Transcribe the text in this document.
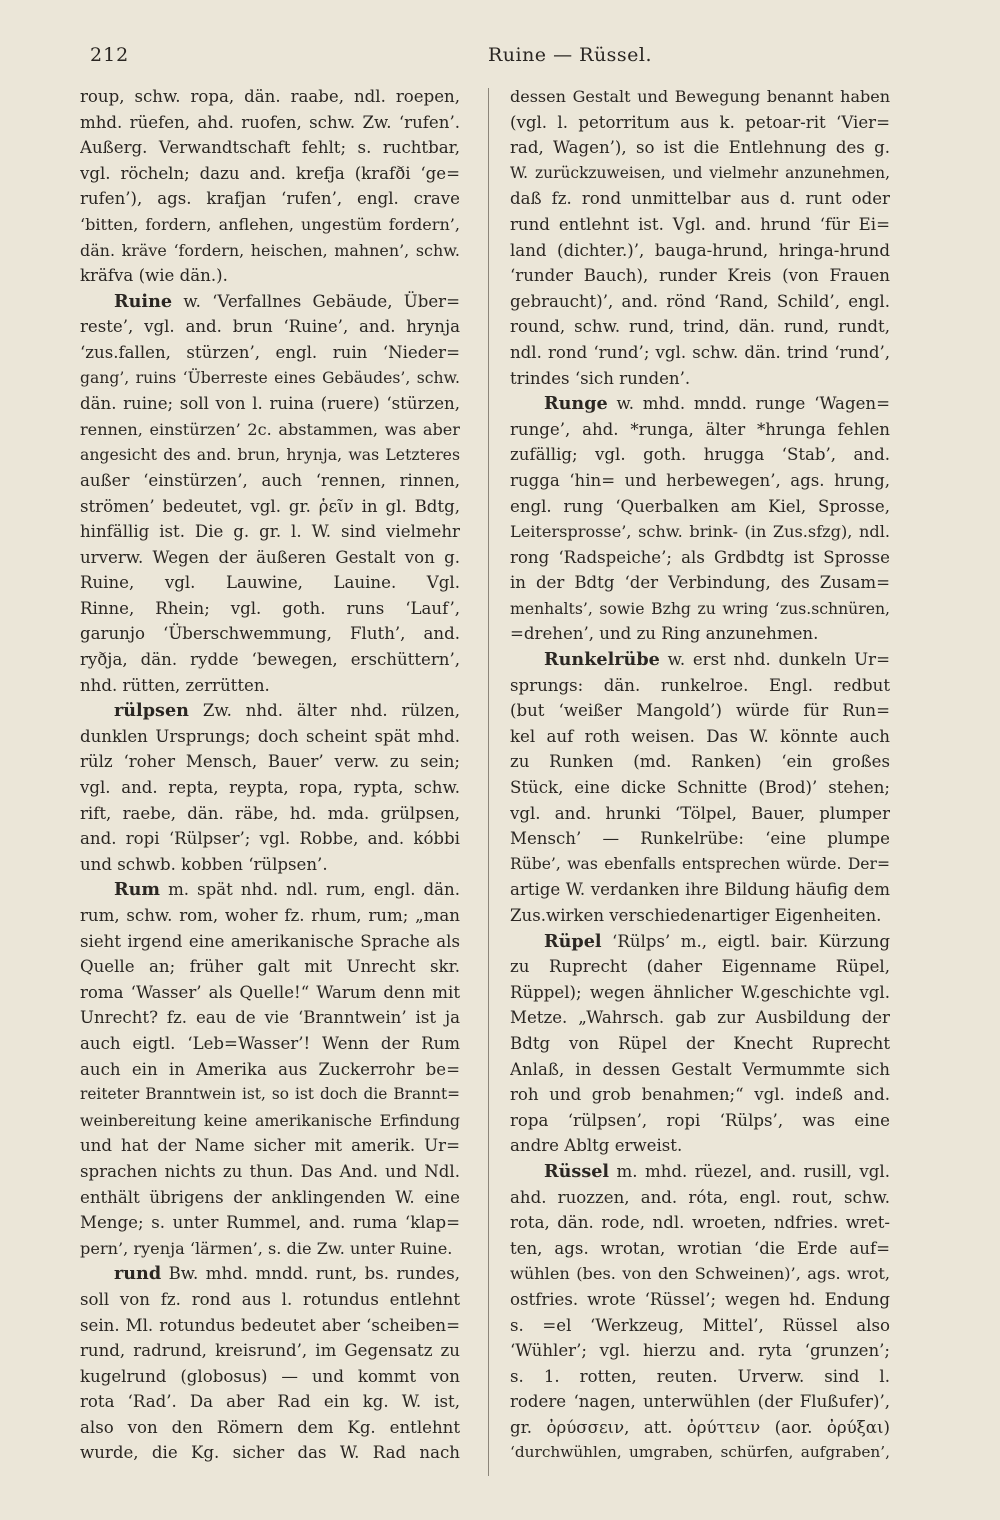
212	Ruine — Rüssel.
roup, schw. ropa, dän. raabe, ndl. roepen,
mhd. rüefen, ahd. ruofen, schw. Zw. ‘rufen’.
Außerg. Verwandtschaft fehlt; s. ruchtbar,
vgl. röcheln; dazu and. krefja (krafði ‘ge=
rufen’), ags. krafjan ‘rufen’, engl. crave
‘bitten, fordern, anflehen, ungestüm fordern’,
dän. kräve ‘fordern, heischen, mahnen’, schw.
kräfva (wie dän.).
Ruine w. ‘Verfallnes Gebäude, Über=
reste’, vgl. and. brun ‘Ruine’, and. hrynja
‘zus.fallen, stürzen’, engl. ruin ‘Nieder=
gang’, ruins ‘Überreste eines Gebäudes’, schw.
dän. ruine; soll von l. ruina (ruere) ‘stürzen,
rennen, einstürzen’ 2c. abstammen, was aber
angesicht des and. brun, hrynja, was Letzteres
außer ‘einstürzen’, auch ‘rennen, rinnen,
strömen’ bedeutet, vgl. gr. ῥεῖν in gl. Bdtg,
hinfällig ist. Die g. gr. l. W. sind vielmehr
urverw. Wegen der äußeren Gestalt von g.
Ruine, vgl. Lauwine, Lauine. Vgl.
Rinne, Rhein; vgl. goth. runs ‘Lauf’,
garunjo ‘Überschwemmung, Fluth’, and.
ryðja, dän. rydde ‘bewegen, erschüttern’,
nhd. rütten, zerrütten.
rülpsen Zw. nhd. älter nhd. rülzen,
dunklen Ursprungs; doch scheint spät mhd.
rülz ‘roher Mensch, Bauer’ verw. zu sein;
vgl. and. repta, reypta, ropa, rypta, schw.
rift, raebe, dän. räbe, hd. mda. grülpsen,
and. ropi ‘Rülpser’; vgl. Robbe, and. kóbbi
und schwb. kobben ‘rülpsen’.
Rum m. spät nhd. ndl. rum, engl. dän.
rum, schw. rom, woher fz. rhum, rum; „man
sieht irgend eine amerikanische Sprache als
Quelle an; früher galt mit Unrecht skr.
roma ‘Wasser’ als Quelle!“ Warum denn mit
Unrecht? fz. eau de vie ‘Branntwein’ ist ja
auch eigtl. ‘Leb=Wasser’! Wenn der Rum
auch ein in Amerika aus Zuckerrohr be=
reiteter Branntwein ist, so ist doch die Brannt=
weinbereitung keine amerikanische Erfindung
und hat der Name sicher mit amerik. Ur=
sprachen nichts zu thun. Das And. und Ndl.
enthält übrigens der anklingenden W. eine
Menge; s. unter Rummel, and. ruma ‘klap=
pern’, ryenja ‘lärmen’, s. die Zw. unter Ruine.
rund Bw. mhd. mndd. runt, bs. rundes,
soll von fz. rond aus l. rotundus entlehnt
sein. Ml. rotundus bedeutet aber ‘scheiben=
rund, radrund, kreisrund’, im Gegensatz zu
kugelrund (globosus) — und kommt von
rota ‘Rad’. Da aber Rad ein kg. W. ist,
also von den Römern dem Kg. entlehnt
wurde, die Kg. sicher das W. Rad nach
dessen Gestalt und Bewegung benannt haben
(vgl. l. petorritum aus k. petoar-rit ‘Vier=
rad, Wagen’), so ist die Entlehnung des g.
W. zurückzuweisen, und vielmehr anzunehmen,
daß fz. rond unmittelbar aus d. runt oder
rund entlehnt ist. Vgl. and. hrund ‘für Ei=
land (dichter.)’, bauga-hrund, hringa-hrund
‘runder Bauch), runder Kreis (von Frauen
gebraucht)’, and. rönd ‘Rand, Schild’, engl.
round, schw. rund, trind, dän. rund, rundt,
ndl. rond ‘rund’; vgl. schw. dän. trind ‘rund’,
trindes ‘sich runden’.
Runge w. mhd. mndd. runge ‘Wagen=
runge’, ahd. *runga, älter *hrunga fehlen
zufällig; vgl. goth. hrugga ‘Stab’, and.
rugga ‘hin= und herbewegen’, ags. hrung,
engl. rung ‘Querbalken am Kiel, Sprosse,
Leitersprosse’, schw. brink- (in Zus.sfzg), ndl.
rong ‘Radspeiche’; als Grdbdtg ist Sprosse
in der Bdtg ‘der Verbindung, des Zusam=
menhalts’, sowie Bzhg zu wring ‘zus.schnüren,
=drehen’, und zu Ring anzunehmen.
Runkelrübe w. erst nhd. dunkeln Ur=
sprungs: dän. runkelroe. Engl. redbut
(but ‘weißer Mangold’) würde für Run=
kel auf roth weisen. Das W. könnte auch
zu Runken (md. Ranken) ‘ein großes
Stück, eine dicke Schnitte (Brod)’ stehen;
vgl. and. hrunki ‘Tölpel, Bauer, plumper
Mensch’ — Runkelrübe: ‘eine plumpe
Rübe’, was ebenfalls entsprechen würde. Der=
artige W. verdanken ihre Bildung häufig dem
Zus.wirken verschiedenartiger Eigenheiten.
Rüpel ‘Rülps’ m., eigtl. bair. Kürzung
zu Ruprecht (daher Eigenname Rüpel,
Rüppel); wegen ähnlicher W.geschichte vgl.
Metze. „Wahrsch. gab zur Ausbildung der
Bdtg von Rüpel der Knecht Ruprecht
Anlaß, in dessen Gestalt Vermummte sich
roh und grob benahmen;“ vgl. indeß and.
ropa ‘rülpsen’, ropi ‘Rülps’, was eine
andre Abltg erweist.
Rüssel m. mhd. rüezel, and. rusill, vgl.
ahd. ruozzen, and. róta, engl. rout, schw.
rota, dän. rode, ndl. wroeten, ndfries. wret-
ten, ags. wrotan, wrotian ‘die Erde auf=
wühlen (bes. von den Schweinen)’, ags. wrot,
ostfries. wrote ‘Rüssel’; wegen hd. Endung
s. =el ‘Werkzeug, Mittel’, Rüssel also
‘Wühler’; vgl. hierzu and. ryta ‘grunzen’;
s. 1. rotten, reuten. Urverw. sind l.
rodere ‘nagen, unterwühlen (der Flußufer)’,
gr. ὀρύσσειν, att. ὀρύττειν (aor. ὀρύξαι)
‘durchwühlen, umgraben, schürfen, aufgraben’,
